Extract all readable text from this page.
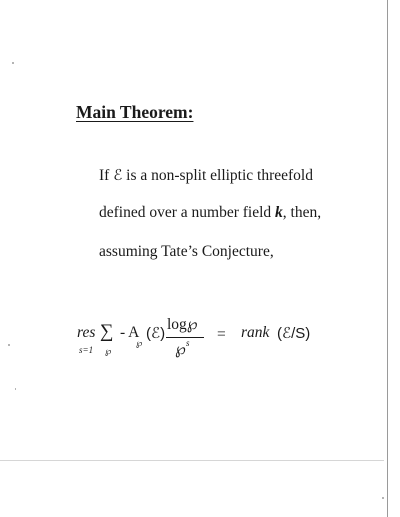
Main Theorem:

If ℰ is a non-split elliptic threefold

defined over a number field k, then,

assuming Tate’s Conjecture,

res
s=1
∑
℘
- A
℘
(ℰ)
log℘
℘ s = rank (ℰ/S)
